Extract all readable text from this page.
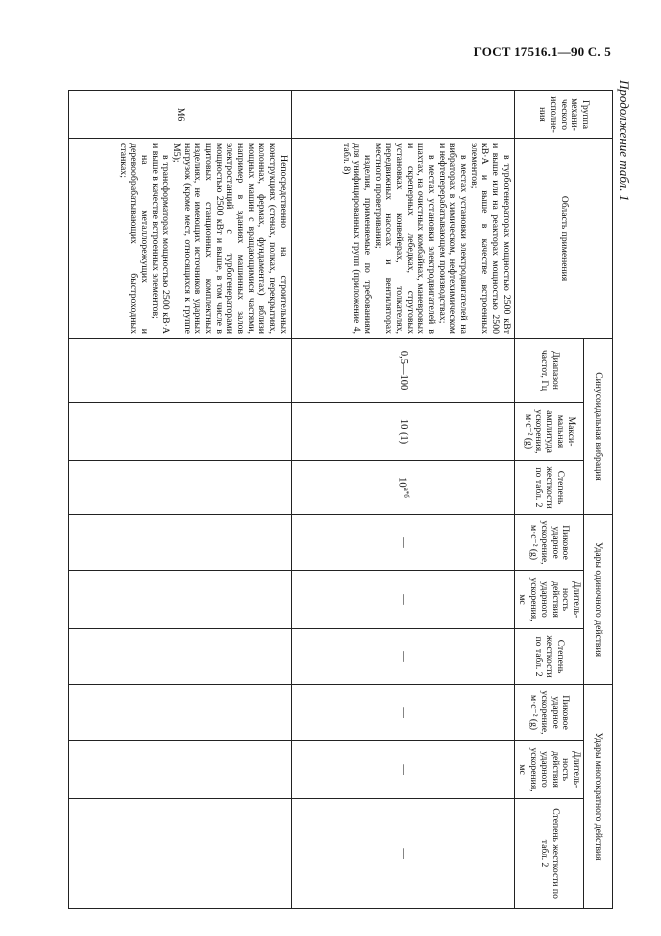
ГОСТ 17516.1—90 С. 5
Продолжение табл. 1
Группа механи-ческого исполне-ния	Область применения	Синусоидальная вибрация			Удары одиночного действия			Удары многократного действия		
		Диапазон частот, Гц	Макси-мальная амплитуда ускорения, м·с⁻² (g)	Степень жесткости по табл. 2	Пиковое ударное ускорение, м·с⁻² (g)	Длитель-ность действия ударного ускорения, мс	Степень жесткости по табл. 2	Пиковое ударное ускорение, м·с⁻² (g)	Длитель-ность действия ударного ускорения, мс	Степень жесткости по табл. 2

	в турбогенераторах мощностью 2500 кВт и выше или на реакторах мощностью 2500 кВ·А и выше в качестве встроенных элементов;

в местах установки электродвигателей на вибраторах в химическом, нефтехимическом и нефтеперерабатывающем производствах;

в местах установки электродвигателей в шахтах, на очистных комбайнах, маневровых и скреперных лебедках, струговых установках конвейерах, толкателях, передвижных насосах и вентиляторах местного проветривания;

изделия, применяемые по требованиям для унифицированных групп (приложение 4, табл. 8)	0,5—100	10 (1)	$10^{а*б}$	—	—	—	—	—	—
М6	Непосредственно на строительных конструкциях (стенах, полках, перекрытиях, колоннах, фермах, фундаментах) вблизи мощных машин с вращающимися частями, например в зданиях машинных залов электростанций с турбогенераторами мощностью 2500 кВт и выше, в том числе в щитовых станционных комплектных изделиях, не имеющих источников ударных нагрузок (кроме мест, относящихся к группе М5);

в трансформаторах мощностью 2500 кВ·А и выше в качестве встроенных элементов;

на металлорежущих и деревообрабатывающих быстроходных станках;									
